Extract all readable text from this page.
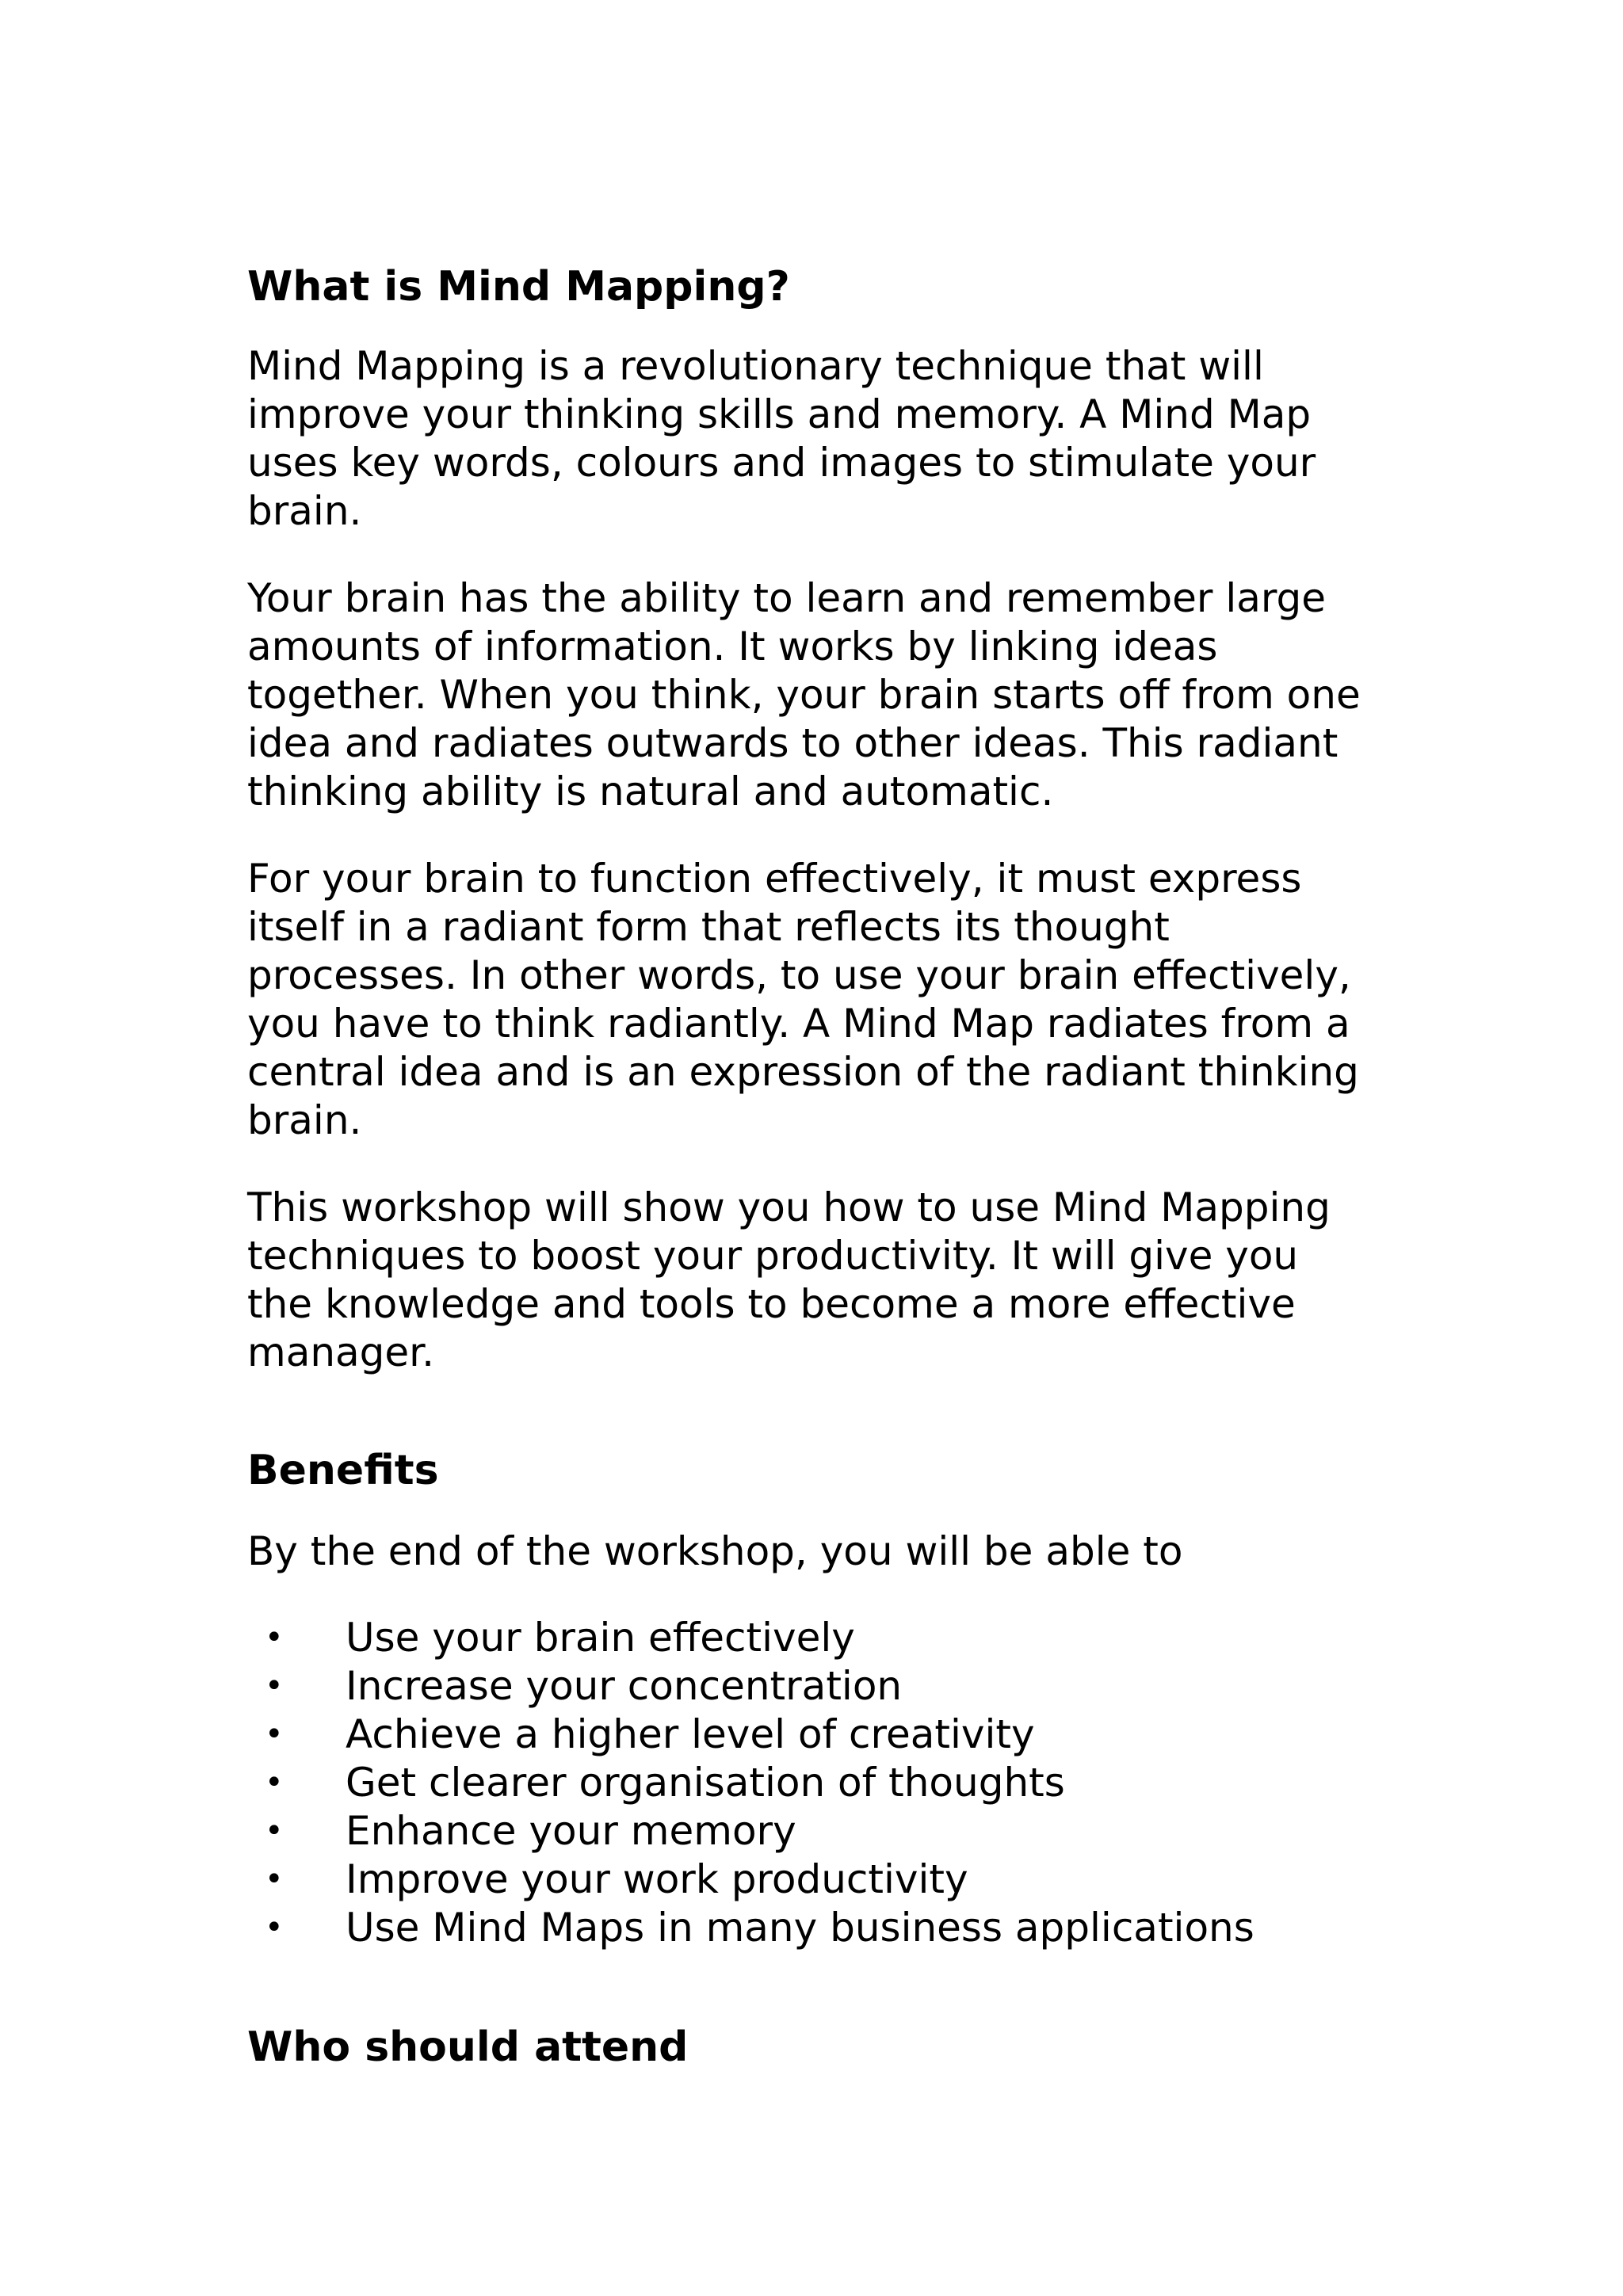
What is Mind Mapping?

Mind Mapping is a revolutionary technique that will
improve your thinking skills and memory. A Mind Map
uses key words, colours and images to stimulate your
brain.

Your brain has the ability to learn and remember large
amounts of information. It works by linking ideas
together. When you think, your brain starts off from one
idea and radiates outwards to other ideas. This radiant
thinking ability is natural and automatic.

For your brain to function effectively, it must express
itself in a radiant form that reflects its thought
processes. In other words, to use your brain effectively,
you have to think radiantly. A Mind Map radiates from a
central idea and is an expression of the radiant thinking
brain.

This workshop will show you how to use Mind Mapping
techniques to boost your productivity. It will give you
the knowledge and tools to become a more effective
manager.

Benefits

By the end of the workshop, you will be able to

• Use your brain effectively
• Increase your concentration
• Achieve a higher level of creativity
• Get clearer organisation of thoughts
• Enhance your memory
• Improve your work productivity
• Use Mind Maps in many business applications
Who should attend
